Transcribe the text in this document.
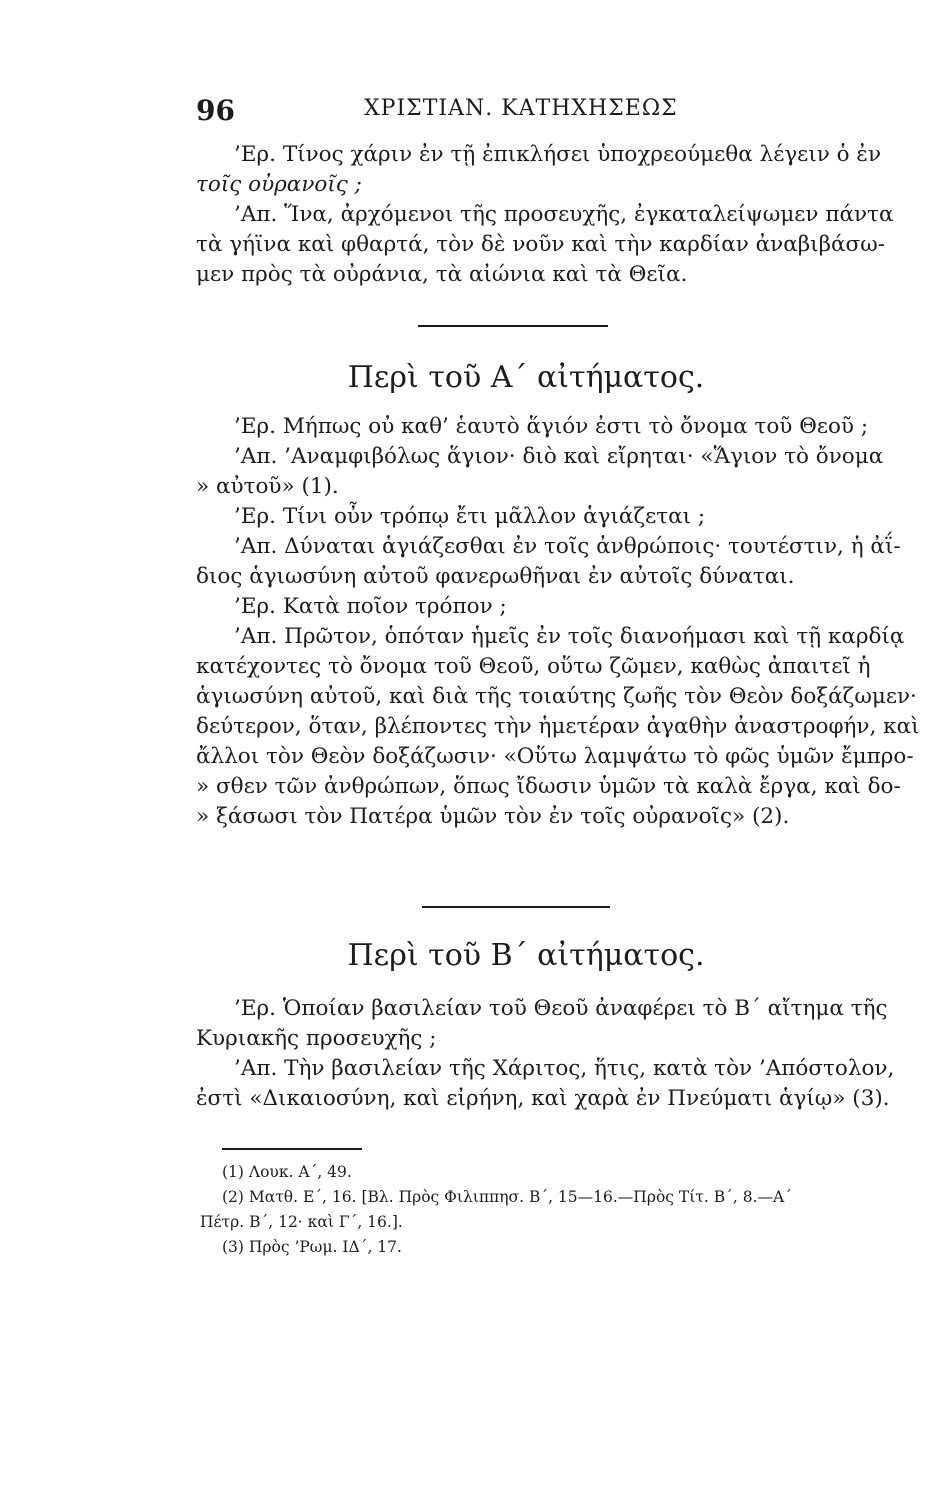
96	ΧΡΙΣΤΙΑΝ. ΚΑΤΗΧΗΣΕΩΣ
’Ερ. Τίνος χάριν ἐν τῇ ἐπικλήσει ὑποχρεούμεθα λέγειν ὁ ἐν
τοῖς οὐρανοῖς ;
’Απ. Ἵνα, ἀρχόμενοι τῆς προσευχῆς, ἐγκαταλείψωμεν πάντα
τὰ γήϊνα καὶ φθαρτά, τὸν δὲ νοῦν καὶ τὴν καρδίαν ἀναβιβάσω-
μεν πρὸς τὰ οὐράνια, τὰ αἰώνια καὶ τὰ Θεῖα.
Περὶ τοῦ Α΄ αἰτήματος.
’Ερ. Μήπως οὐ καθ’ ἑαυτὸ ἅγιόν ἐστι τὸ ὄνομα τοῦ Θεοῦ ;
’Απ. ’Αναμφιβόλως ἅγιον· διὸ καὶ εἴρηται· «Ἅγιον τὸ ὄνομα
» αὐτοῦ» (1).
’Ερ. Τίνι οὖν τρόπῳ ἔτι μᾶλλον ἁγιάζεται ;
’Απ. Δύναται ἁγιάζεσθαι ἐν τοῖς ἀνθρώποις· τουτέστιν, ἡ ἀΐ-
διος ἁγιωσύνη αὐτοῦ φανερωθῆναι ἐν αὐτοῖς δύναται.
’Ερ. Κατὰ ποῖον τρόπον ;
’Απ. Πρῶτον, ὁπόταν ἡμεῖς ἐν τοῖς διανοήμασι καὶ τῇ καρδίᾳ
κατέχοντες τὸ ὄνομα τοῦ Θεοῦ, οὕτω ζῶμεν, καθὼς ἀπαιτεῖ ἡ
ἁγιωσύνη αὐτοῦ, καὶ διὰ τῆς τοιαύτης ζωῆς τὸν Θεὸν δοξάζωμεν·
δεύτερον, ὅταν, βλέποντες τὴν ἡμετέραν ἀγαθὴν ἀναστροφήν, καὶ
ἄλλοι τὸν Θεὸν δοξάζωσιν· «Οὕτω λαμψάτω τὸ φῶς ὑμῶν ἔμπρο-
» σθεν τῶν ἀνθρώπων, ὅπως ἴδωσιν ὑμῶν τὰ καλὰ ἔργα, καὶ δο-
» ξάσωσι τὸν Πατέρα ὑμῶν τὸν ἐν τοῖς οὐρανοῖς» (2).
Περὶ τοῦ Β΄ αἰτήματος.
’Ερ. Ὁποίαν βασιλείαν τοῦ Θεοῦ ἀναφέρει τὸ Β΄ αἴτημα τῆς
Κυριακῆς προσευχῆς ;
’Απ. Τὴν βασιλείαν τῆς Χάριτος, ἥτις, κατὰ τὸν ’Απόστολον,
ἐστὶ «Δικαιοσύνη, καὶ εἰρήνη, καὶ χαρὰ ἐν Πνεύματι ἁγίῳ» (3).
(1) Λουκ. Α΄, 49.
(2) Ματθ. Ε΄, 16. [Βλ. Πρὸς Φιλιππησ. Β΄, 15—16.—Πρὸς Τίτ. Β΄, 8.—Α΄
Πέτρ. Β΄, 12· καὶ Γ΄, 16.].
(3) Πρὸς ’Ρωμ. ΙΔ΄, 17.
